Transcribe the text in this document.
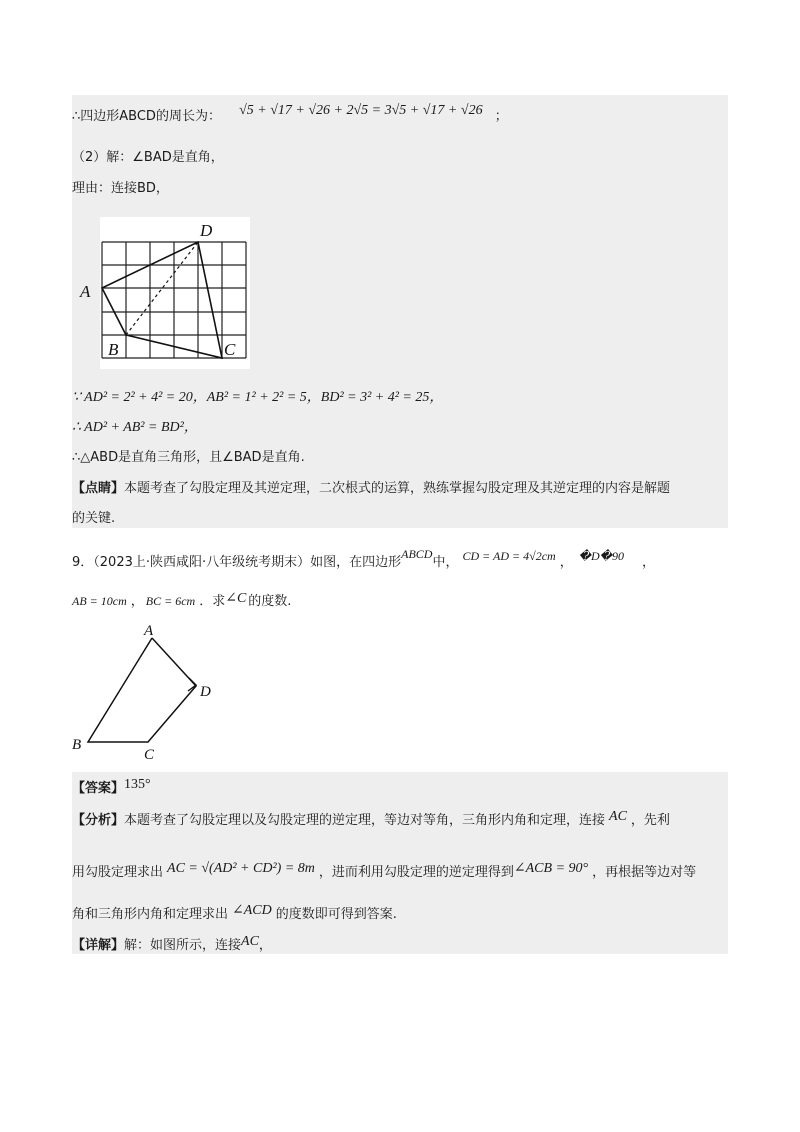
∴四边形ABCD的周长为： √5 + √17 + √26 + 2√5 = 3√5 + √17 + √26 ；
（2）解：∠BAD是直角，
理由：连接BD，
A
B	C
D
∵ AD² = 2² + 4² = 20，AB² = 1² + 2² = 5，BD² = 3² + 4² = 25，
∴ AD² + AB² = BD²，
∴△ABD是直角三角形，且∠BAD是直角.
【点睛】本题考查了勾股定理及其逆定理，二次根式的运算，熟练掌握勾股定理及其逆定理的内容是解题
的关键.
9．（2023上·陕西咸阳·八年级统考期末）如图，在四边形ABCD中， CD = AD = 4√2cm ， �D�90 ，
AB = 10cm ， BC = 6cm ．求∠C 的度数.
A
D
B
C
【答案】135°
【分析】本题考查了勾股定理以及勾股定理的逆定理，等边对等角，三角形内角和定理，连接 AC ，先利
用勾股定理求出 AC = √(AD² + CD²) = 8m ，进而利用勾股定理的逆定理得到∠ACB = 90° ，再根据等边对等
角和三角形内角和定理求出 ∠ACD 的度数即可得到答案.
【详解】解：如图所示，连接AC，
